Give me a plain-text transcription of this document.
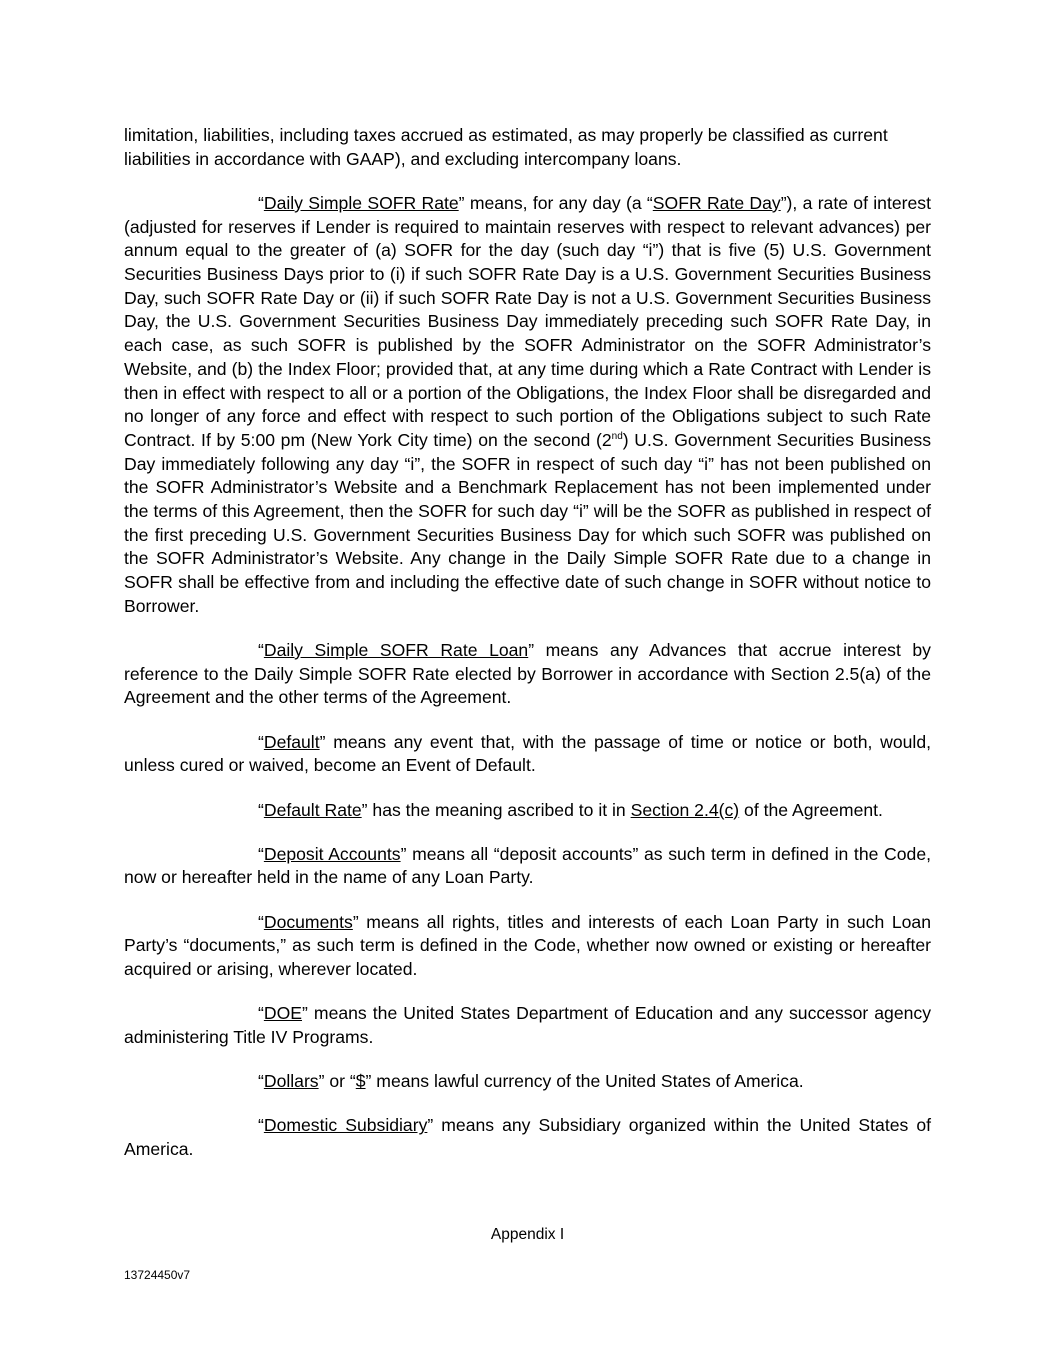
limitation, liabilities, including taxes accrued as estimated, as may properly be classified as current liabilities in accordance with GAAP), and excluding intercompany loans.

“Daily Simple SOFR Rate” means, for any day (a “SOFR Rate Day”), a rate of interest (adjusted for reserves if Lender is required to maintain reserves with respect to relevant advances) per annum equal to the greater of (a) SOFR for the day (such day “i”) that is five (5) U.S. Government Securities Business Days prior to (i) if such SOFR Rate Day is a U.S. Government Securities Business Day, such SOFR Rate Day or (ii) if such SOFR Rate Day is not a U.S. Government Securities Business Day, the U.S. Government Securities Business Day immediately preceding such SOFR Rate Day, in each case, as such SOFR is published by the SOFR Administrator on the SOFR Administrator’s Website, and (b) the Index Floor; provided that, at any time during which a Rate Contract with Lender is then in effect with respect to all or a portion of the Obligations, the Index Floor shall be disregarded and no longer of any force and effect with respect to such portion of the Obligations subject to such Rate Contract. If by 5:00 pm (New York City time) on the second (2nd) U.S. Government Securities Business Day immediately following any day “i”, the SOFR in respect of such day “i” has not been published on the SOFR Administrator’s Website and a Benchmark Replacement has not been implemented under the terms of this Agreement, then the SOFR for such day “i” will be the SOFR as published in respect of the first preceding U.S. Government Securities Business Day for which such SOFR was published on the SOFR Administrator’s Website. Any change in the Daily Simple SOFR Rate due to a change in SOFR shall be effective from and including the effective date of such change in SOFR without notice to Borrower.

“Daily Simple SOFR Rate Loan” means any Advances that accrue interest by reference to the Daily Simple SOFR Rate elected by Borrower in accordance with Section 2.5(a) of the Agreement and the other terms of the Agreement.

“Default” means any event that, with the passage of time or notice or both, would, unless cured or waived, become an Event of Default.

“Default Rate” has the meaning ascribed to it in Section 2.4(c) of the Agreement.

“Deposit Accounts” means all “deposit accounts” as such term in defined in the Code, now or hereafter held in the name of any Loan Party.

“Documents” means all rights, titles and interests of each Loan Party in such Loan Party’s “documents,” as such term is defined in the Code, whether now owned or existing or hereafter acquired or arising, wherever located.

“DOE” means the United States Department of Education and any successor agency administering Title IV Programs.

“Dollars” or “$” means lawful currency of the United States of America.

“Domestic Subsidiary” means any Subsidiary organized within the United States of America.

Appendix I
13724450v7
